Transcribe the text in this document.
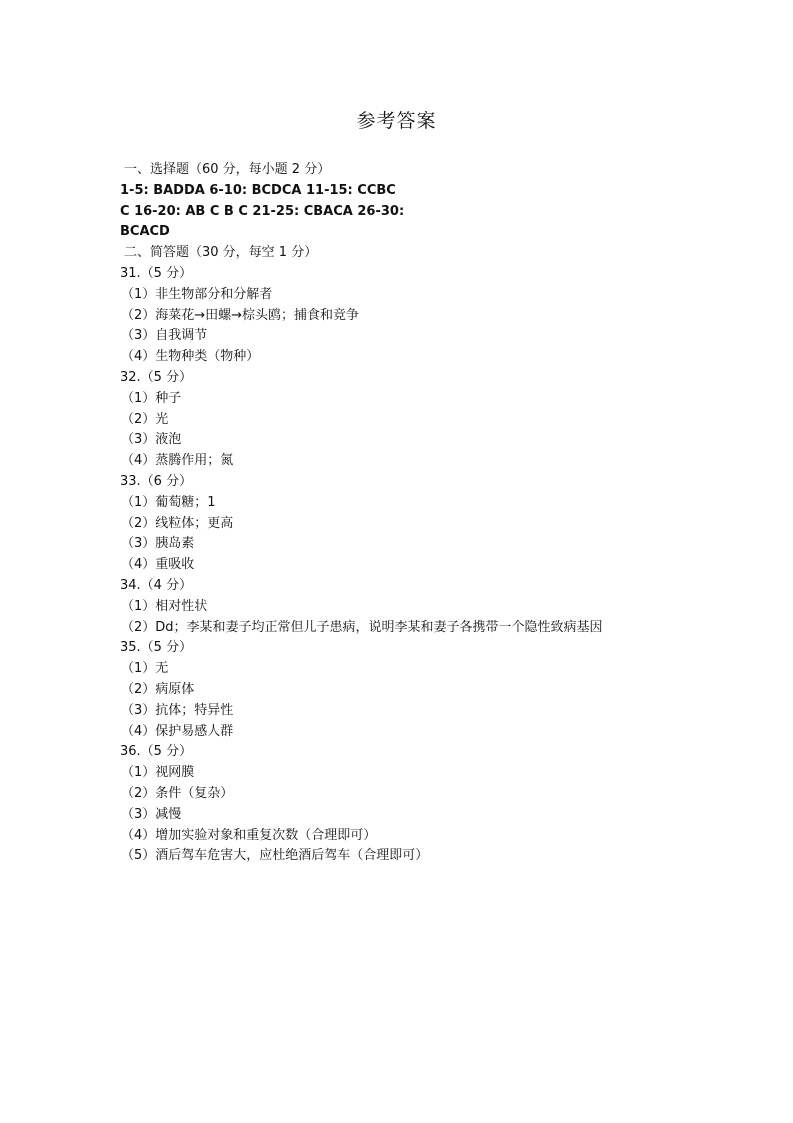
参考答案
一、选择题（60 分，每小题 2 分）
1-5: BADDA 6-10: BCDCA 11-15: CCBC
C 16-20: AB C B C 21-25: CBACA 26-30:
BCACD
二、简答题（30 分，每空 1 分）
31.（5 分）
（1）非生物部分和分解者
（2）海菜花→田螺→棕头鸥；捕食和竞争
（3）自我调节
（4）生物种类（物种）
32.（5 分）
（1）种子
（2）光
（3）液泡
（4）蒸腾作用；氮
33.（6 分）
（1）葡萄糖；1
（2）线粒体；更高
（3）胰岛素
（4）重吸收
34.（4 分）
（1）相对性状
（2）Dd；李某和妻子均正常但儿子患病，说明李某和妻子各携带一个隐性致病基因
35.（5 分）
（1）无
（2）病原体
（3）抗体；特异性
（4）保护易感人群
36.（5 分）
（1）视网膜
（2）条件（复杂）
（3）减慢
（4）增加实验对象和重复次数（合理即可）
（5）酒后驾车危害大，应杜绝酒后驾车（合理即可）
